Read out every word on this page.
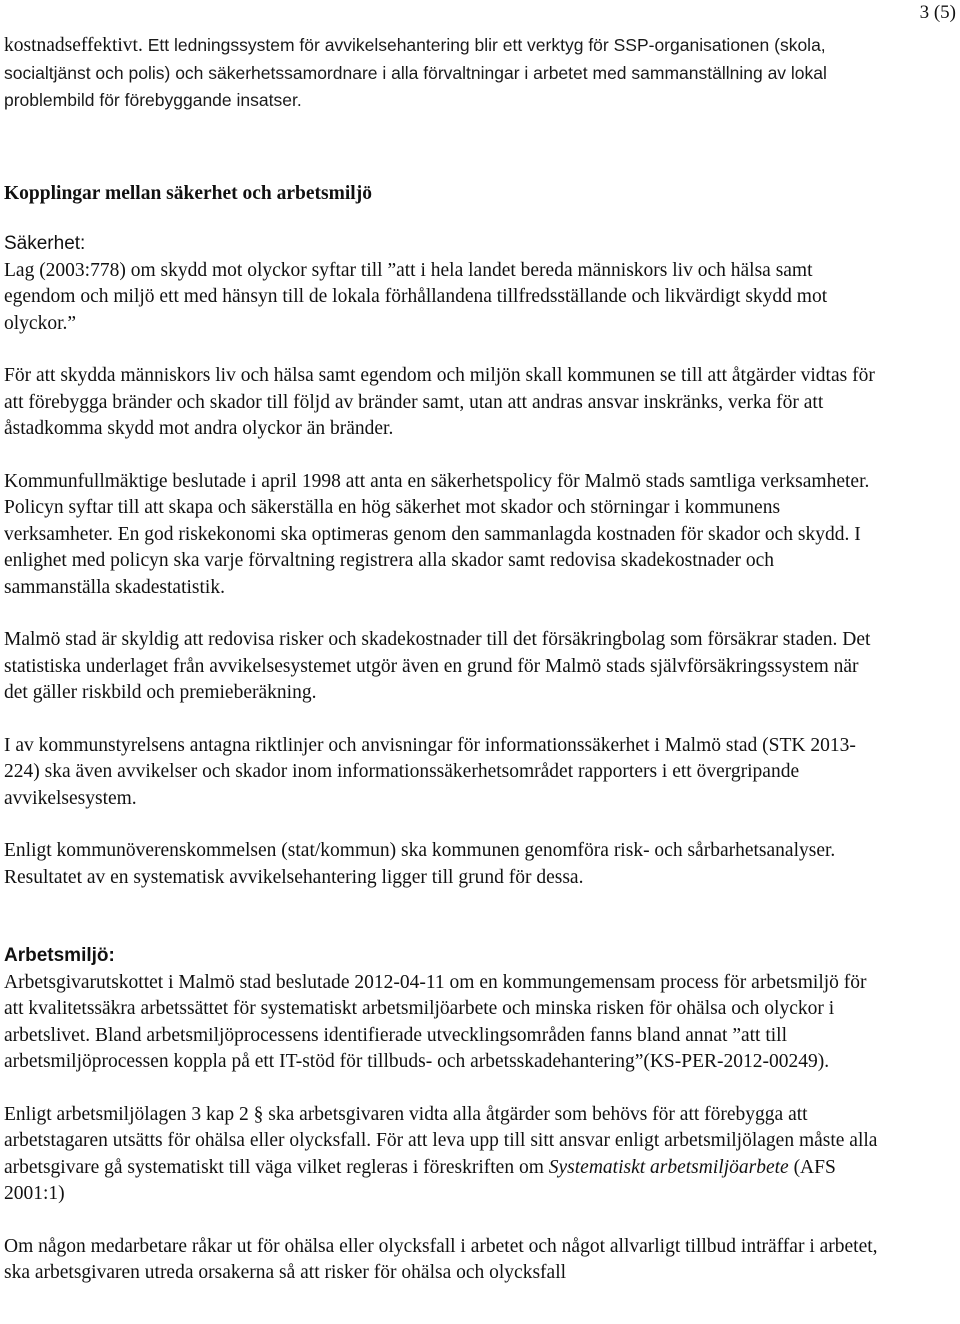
3 (5)

kostnadseffektivt. Ett ledningssystem för avvikelsehantering blir ett verktyg för SSP-organisationen (skola, socialtjänst och polis) och säkerhetssamordnare i alla förvaltningar i arbetet med sammanställning av lokal problembild för förebyggande insatser.

Kopplingar mellan säkerhet och arbetsmiljö

Säkerhet:

Lag (2003:778) om skydd mot olyckor syftar till ”att i hela landet bereda människors liv och hälsa samt egendom och miljö ett med hänsyn till de lokala förhållandena tillfredsställande och likvärdigt skydd mot olyckor.”

För att skydda människors liv och hälsa samt egendom och miljön skall kommunen se till att åtgärder vidtas för att förebygga bränder och skador till följd av bränder samt, utan att andras ansvar inskränks, verka för att åstadkomma skydd mot andra olyckor än bränder.

Kommunfullmäktige beslutade i april 1998 att anta en säkerhetspolicy för Malmö stads samtliga verksamheter. Policyn syftar till att skapa och säkerställa en hög säkerhet mot skador och störningar i kommunens verksamheter. En god riskekonomi ska optimeras genom den sammanlagda kostnaden för skador och skydd. I enlighet med policyn ska varje förvaltning registrera alla skador samt redovisa skadekostnader och sammanställa skadestatistik.

Malmö stad är skyldig att redovisa risker och skadekostnader till det försäkringbolag som försäkrar staden. Det statistiska underlaget från avvikelsesystemet utgör även en grund för Malmö stads självförsäkringssystem när det gäller riskbild och premieberäkning.

I av kommunstyrelsens antagna riktlinjer och anvisningar för informationssäkerhet i Malmö stad (STK 2013-224) ska även avvikelser och skador inom informationssäkerhetsområdet rapporters i ett övergripande avvikelsesystem.

Enligt kommunöverenskommelsen (stat/kommun) ska kommunen genomföra risk- och sårbarhetsanalyser. Resultatet av en systematisk avvikelsehantering ligger till grund för dessa.

Arbetsmiljö:

Arbetsgivarutskottet i Malmö stad beslutade 2012-04-11 om en kommungemensam process för arbetsmiljö för att kvalitetssäkra arbetssättet för systematiskt arbetsmiljöarbete och minska risken för ohälsa och olyckor i arbetslivet. Bland arbetsmiljöprocessens identifierade utvecklingsområden fanns bland annat ”att till arbetsmiljöprocessen koppla på ett IT-stöd för tillbuds- och arbetsskadehantering”(KS-PER-2012-00249).

Enligt arbetsmiljölagen 3 kap 2 § ska arbetsgivaren vidta alla åtgärder som behövs för att förebygga att arbetstagaren utsätts för ohälsa eller olycksfall. För att leva upp till sitt ansvar enligt arbetsmiljölagen måste alla arbetsgivare gå systematiskt till väga vilket regleras i föreskriften om Systematiskt arbetsmiljöarbete (AFS 2001:1)

Om någon medarbetare råkar ut för ohälsa eller olycksfall i arbetet och något allvarligt tillbud inträffar i arbetet, ska arbetsgivaren utreda orsakerna så att risker för ohälsa och olycksfall
